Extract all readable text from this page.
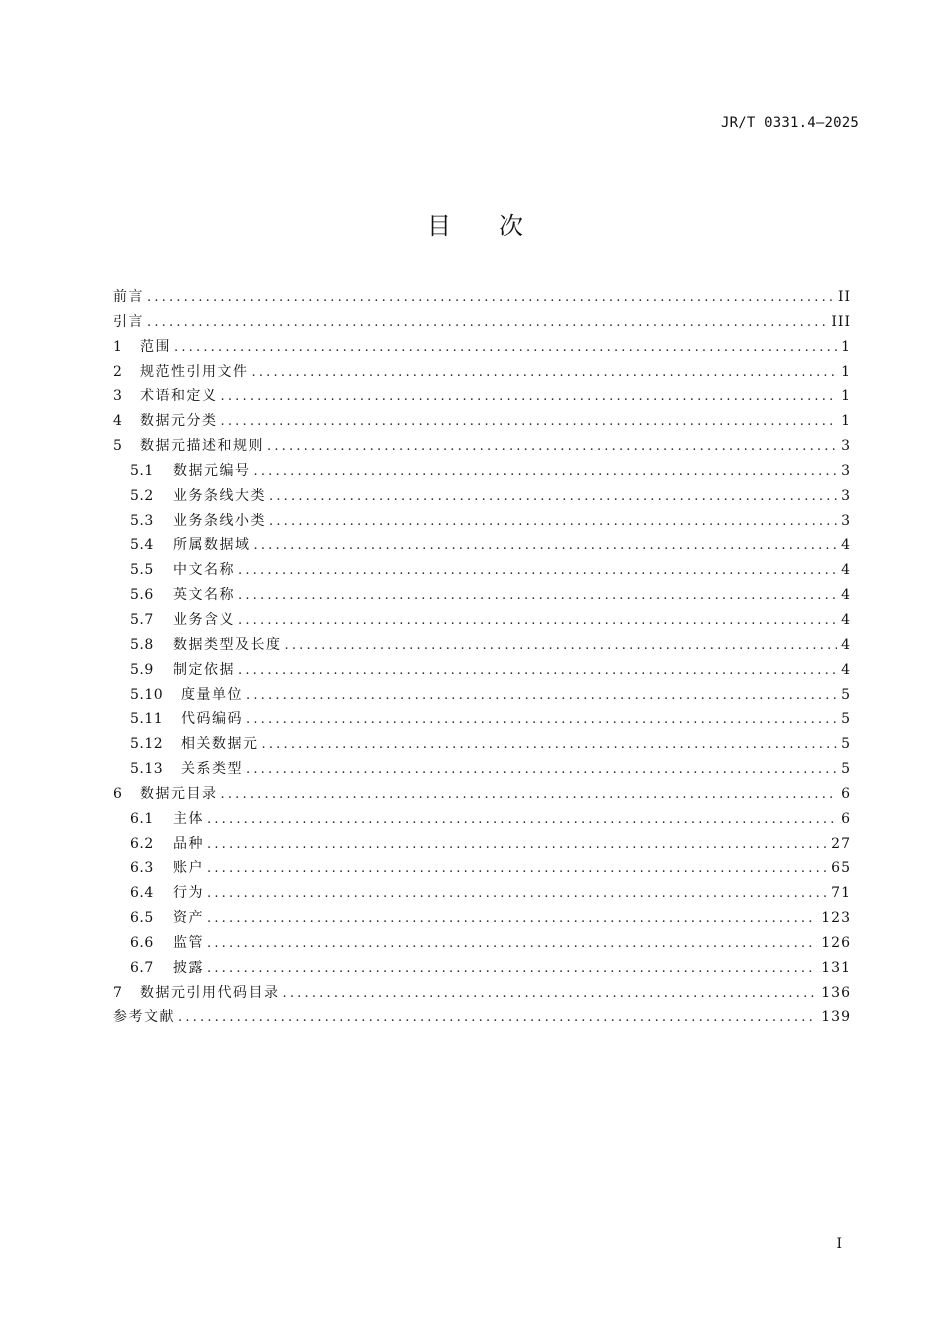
JR/T 0331.4—2025
目 次
前言 .....	II
引言 .....	III
1	范围 .....	1
2	规范性引用文件 .....	1
3	术语和定义 .....	1
4	数据元分类 .....	1
5	数据元描述和规则 .....	3
5.1	数据元编号 .....	3
5.2	业务条线大类 .....	3
5.3	业务条线小类 .....	3
5.4	所属数据域 .....	4
5.5	中文名称 .....	4
5.6	英文名称 .....	4
5.7	业务含义 .....	4
5.8	数据类型及长度 .....	4
5.9	制定依据 .....	4
5.10	度量单位 .....	5
5.11	代码编码 .....	5
5.12	相关数据元 .....	5
5.13	关系类型 .....	5
6	数据元目录 .....	6
6.1	主体 .....	6
6.2	品种 .....	27
6.3	账户 .....	65
6.4	行为 .....	71
6.5	资产 .....	123
6.6	监管 .....	126
6.7	披露 .....	131
7	数据元引用代码目录 .....	136
参考文献 .....	139
I
